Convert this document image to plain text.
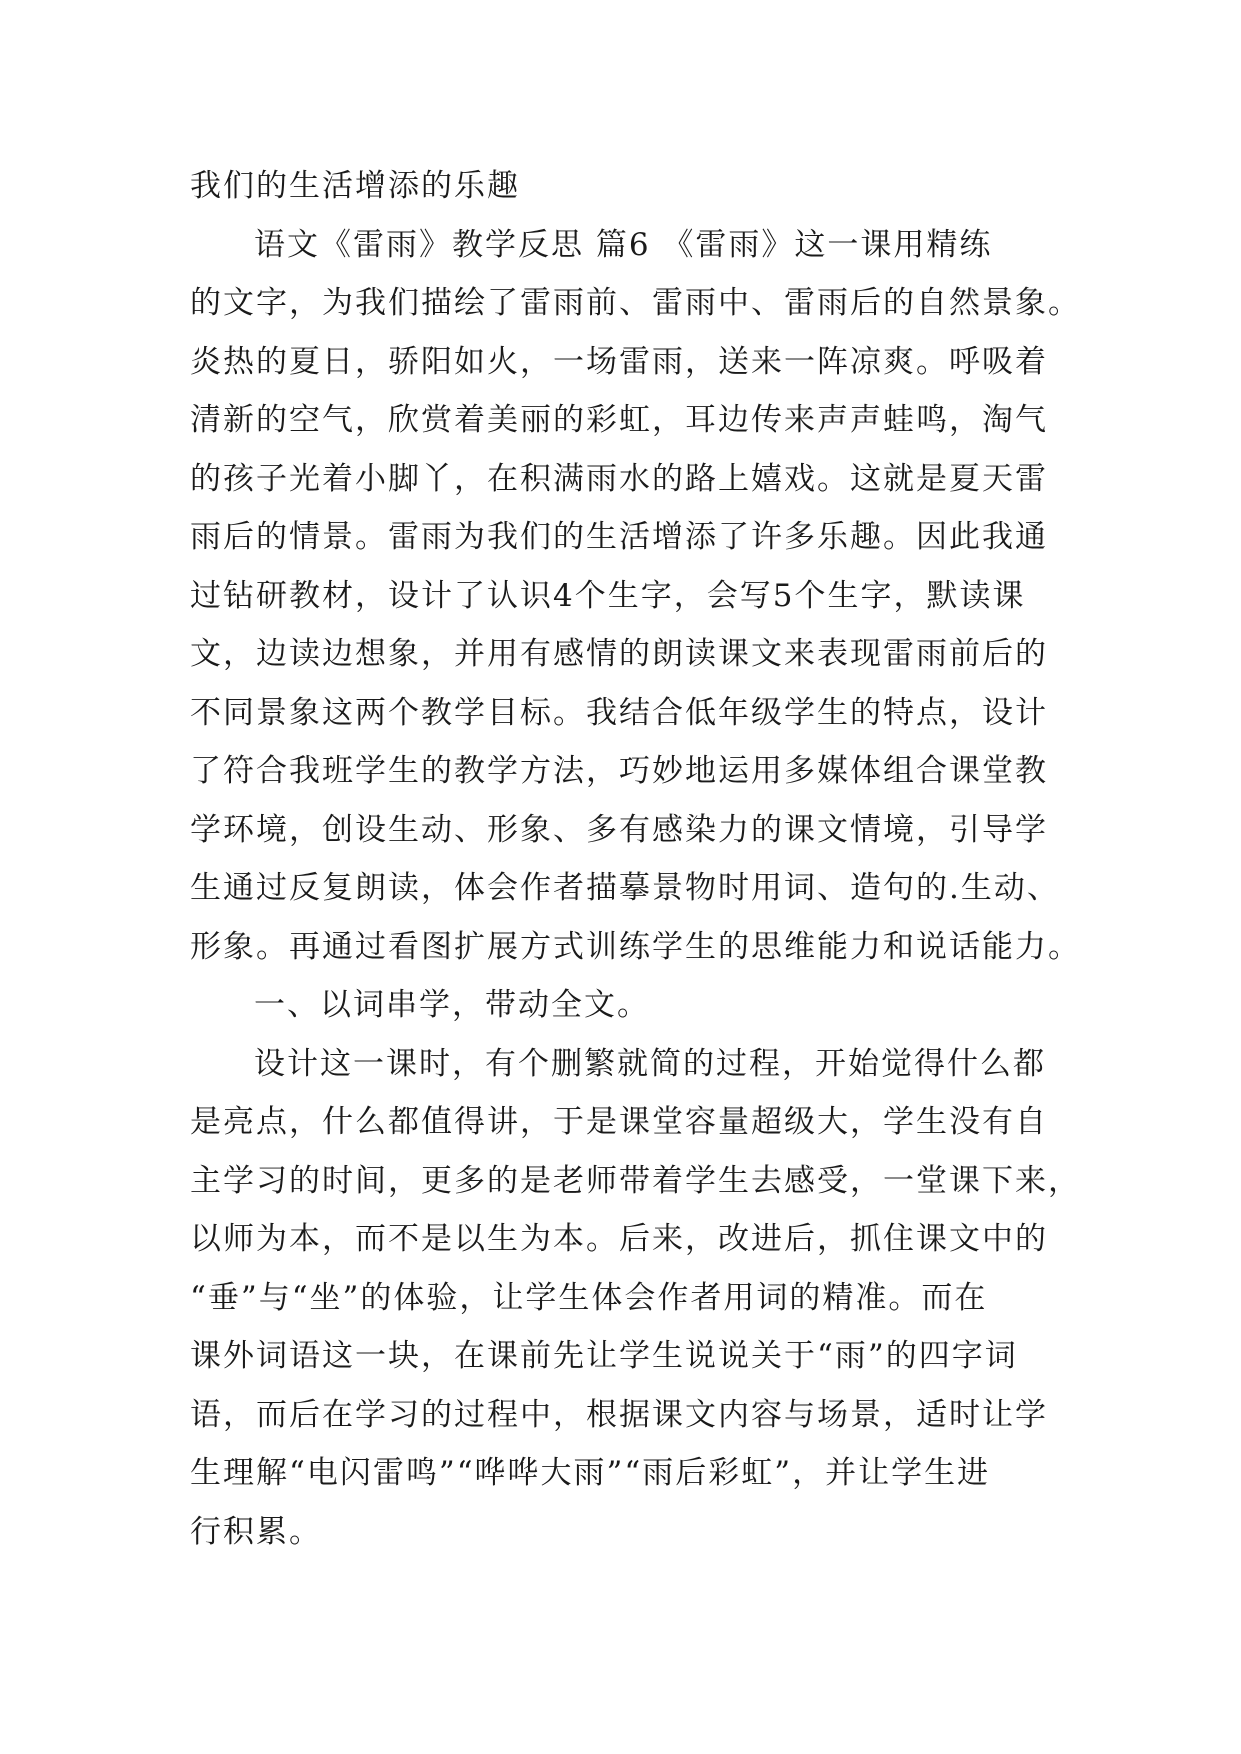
我们的生活增添的乐趣
语文《雷雨》教学反思 篇6 《雷雨》这一课用精练
的文字，为我们描绘了雷雨前、雷雨中、雷雨后的自然景象。
炎热的夏日，骄阳如火，一场雷雨，送来一阵凉爽。呼吸着
清新的空气，欣赏着美丽的彩虹，耳边传来声声蛙鸣，淘气
的孩子光着小脚丫，在积满雨水的路上嬉戏。这就是夏天雷
雨后的情景。雷雨为我们的生活增添了许多乐趣。因此我通
过钻研教材，设计了认识4个生字，会写5个生字，默读课
文，边读边想象，并用有感情的朗读课文来表现雷雨前后的
不同景象这两个教学目标。我结合低年级学生的特点，设计
了符合我班学生的教学方法，巧妙地运用多媒体组合课堂教
学环境，创设生动、形象、多有感染力的课文情境，引导学
生通过反复朗读，体会作者描摹景物时用词、造句的.生动、
形象。再通过看图扩展方式训练学生的思维能力和说话能力。
一、以词串学，带动全文。
设计这一课时，有个删繁就简的过程，开始觉得什么都
是亮点，什么都值得讲，于是课堂容量超级大，学生没有自
主学习的时间，更多的是老师带着学生去感受，一堂课下来，
以师为本，而不是以生为本。后来，改进后，抓住课文中的
“垂”与“坐”的体验，让学生体会作者用词的精准。而在
课外词语这一块，在课前先让学生说说关于“雨”的四字词
语，而后在学习的过程中，根据课文内容与场景，适时让学
生理解“电闪雷鸣”“哗哗大雨”“雨后彩虹”，并让学生进
行积累。
